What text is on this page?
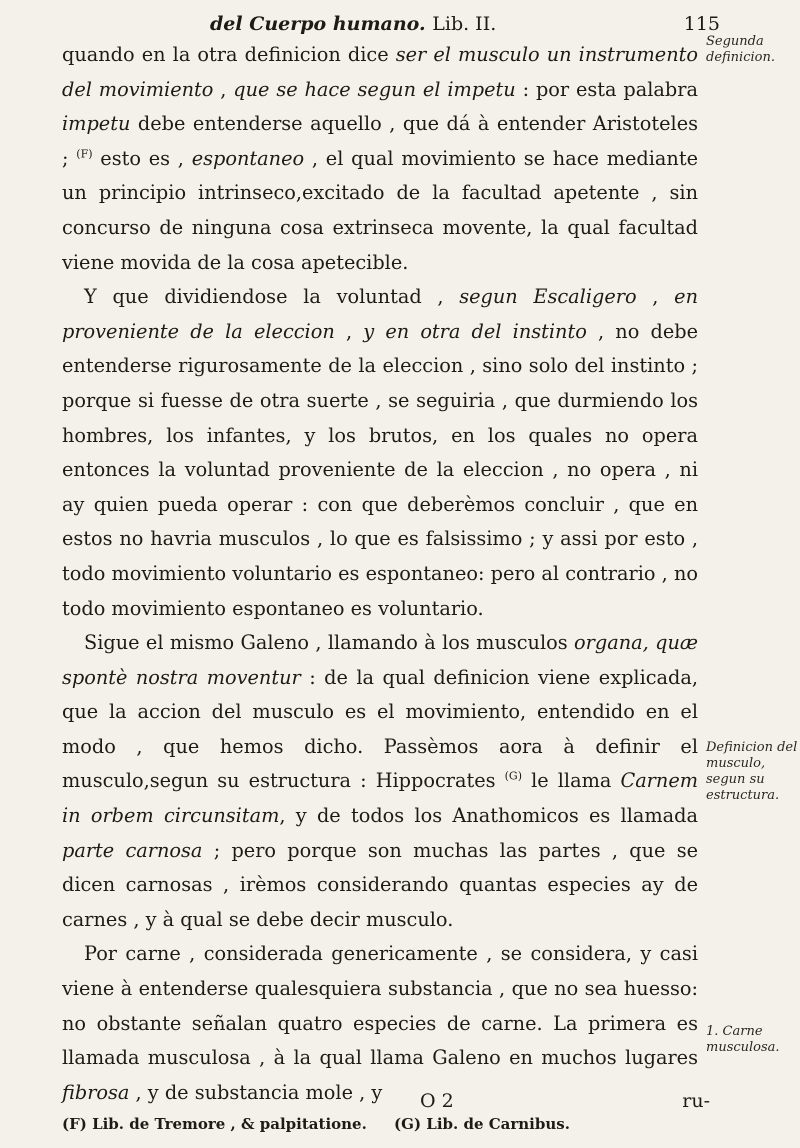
del Cuerpo humano. Lib. II.	115

quando en la otra definicion dice ser el musculo un instrumento del movimiento , que se hace segun el impetu : por esta palabra impetu debe entenderse aquello , que dá à entender Aristoteles ; $^{(F)}$ esto es , espontaneo , el qual movimiento se hace mediante un principio intrinseco,excitado de la facultad apetente , sin concurso de ninguna cosa extrinseca movente, la qual facultad viene movida de la cosa apetecible.

Y que dividiendose la voluntad , segun Escaligero , en proveniente de la eleccion , y en otra del instinto , no debe entenderse rigurosamente de la eleccion , sino solo del instinto ; porque si fuesse de otra suerte , se seguiria , que durmiendo los hombres, los infantes, y los brutos, en los quales no opera entonces la voluntad proveniente de la eleccion , no opera , ni ay quien pueda operar : con que deberèmos concluir , que en estos no havria musculos , lo que es falsissimo ; y assi por esto , todo movimiento voluntario es espontaneo: pero al contrario , no todo movimiento espontaneo es voluntario.

Sigue el mismo Galeno , llamando à los musculos organa, quæ spontè nostra moventur : de la qual definicion viene explicada, que la accion del musculo es el movimiento, entendido en el modo , que hemos dicho. Passèmos aora à definir el musculo,segun su estructura : Hippocrates $^{(G)}$ le llama Carnem in orbem circunsitam, y de todos los Anathomicos es llamada parte carnosa ; pero porque son muchas las partes , que se dicen carnosas , irèmos considerando quantas especies ay de carnes , y à qual se debe decir musculo.

Por carne , considerada genericamente , se considera, y casi viene à entenderse qualesquiera substancia , que no sea huesso: no obstante señalan quatro especies de carne. La primera es llamada musculosa , à la qual llama Galeno en muchos lugares fibrosa , y de substancia mole , y

Segunda definicion.
Definicion del musculo, segun su estructura.
1. Carne musculosa.
O 2	ru-
(F) Lib. de Tremore , & palpitatione. (G) Lib. de Carnibus.
